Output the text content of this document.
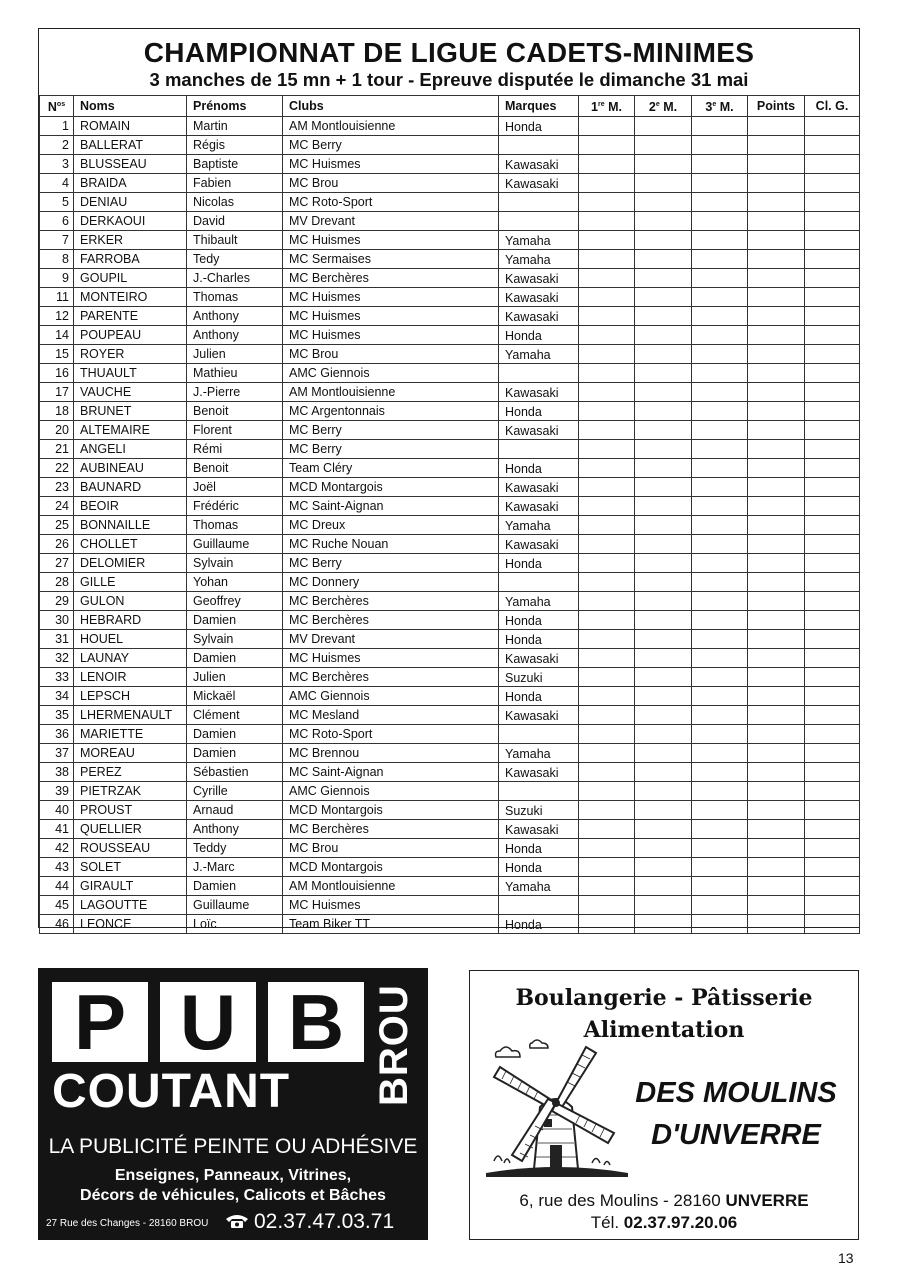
CHAMPIONNAT DE LIGUE CADETS-MINIMES
3 manches de 15 mn + 1 tour - Epreuve disputée le dimanche 31 mai
$N^{os}$	Noms	Prénoms	Clubs	Marques	1re M.	2e M.	3e M.	Points	Cl. G.
1	ROMAIN	Martin	AM Montlouisienne	Honda					
2	BALLERAT	Régis	MC Berry						
3	BLUSSEAU	Baptiste	MC Huismes	Kawasaki					
4	BRAIDA	Fabien	MC Brou	Kawasaki					
5	DENIAU	Nicolas	MC Roto-Sport						
6	DERKAOUI	David	MV Drevant						
7	ERKER	Thibault	MC Huismes	Yamaha					
8	FARROBA	Tedy	MC Sermaises	Yamaha					
9	GOUPIL	J.-Charles	MC Berchères	Kawasaki					
11	MONTEIRO	Thomas	MC Huismes	Kawasaki					
12	PARENTE	Anthony	MC Huismes	Kawasaki					
14	POUPEAU	Anthony	MC Huismes	Honda					
15	ROYER	Julien	MC Brou	Yamaha					
16	THUAULT	Mathieu	AMC Giennois						
17	VAUCHE	J.-Pierre	AM Montlouisienne	Kawasaki					
18	BRUNET	Benoit	MC Argentonnais	Honda					
20	ALTEMAIRE	Florent	MC Berry	Kawasaki					
21	ANGELI	Rémi	MC Berry						
22	AUBINEAU	Benoit	Team Cléry	Honda					
23	BAUNARD	Joël	MCD Montargois	Kawasaki					
24	BEOIR	Frédéric	MC Saint-Aignan	Kawasaki					
25	BONNAILLE	Thomas	MC Dreux	Yamaha					
26	CHOLLET	Guillaume	MC Ruche Nouan	Kawasaki					
27	DELOMIER	Sylvain	MC Berry	Honda					
28	GILLE	Yohan	MC Donnery						
29	GULON	Geoffrey	MC Berchères	Yamaha					
30	HEBRARD	Damien	MC Berchères	Honda					
31	HOUEL	Sylvain	MV Drevant	Honda					
32	LAUNAY	Damien	MC Huismes	Kawasaki					
33	LENOIR	Julien	MC Berchères	Suzuki					
34	LEPSCH	Mickaël	AMC Giennois	Honda					
35	LHERMENAULT	Clément	MC Mesland	Kawasaki					
36	MARIETTE	Damien	MC Roto-Sport						
37	MOREAU	Damien	MC Brennou	Yamaha					
38	PEREZ	Sébastien	MC Saint-Aignan	Kawasaki					
39	PIETRZAK	Cyrille	AMC Giennois						
40	PROUST	Arnaud	MCD Montargois	Suzuki					
41	QUELLIER	Anthony	MC Berchères	Kawasaki					
42	ROUSSEAU	Teddy	MC Brou	Honda					
43	SOLET	J.-Marc	MCD Montargois	Honda					
44	GIRAULT	Damien	AM Montlouisienne	Yamaha					
45	LAGOUTTE	Guillaume	MC Huismes						
46	LEONCE	Loïc	Team Biker TT	Honda					
P U B BROU
COUTANT
LA PUBLICITÉ PEINTE OU ADHÉSIVE
Enseignes, Panneaux, Vitrines,
Décors de véhicules, Calicots et Bâches
27 Rue des Changes - 28160 BROU	02.37.47.03.71
Boulangerie - Pâtisserie
Alimentation
DES MOULINS
D'UNVERRE
6, rue des Moulins - 28160 UNVERRE
Tél. 02.37.97.20.06
13
